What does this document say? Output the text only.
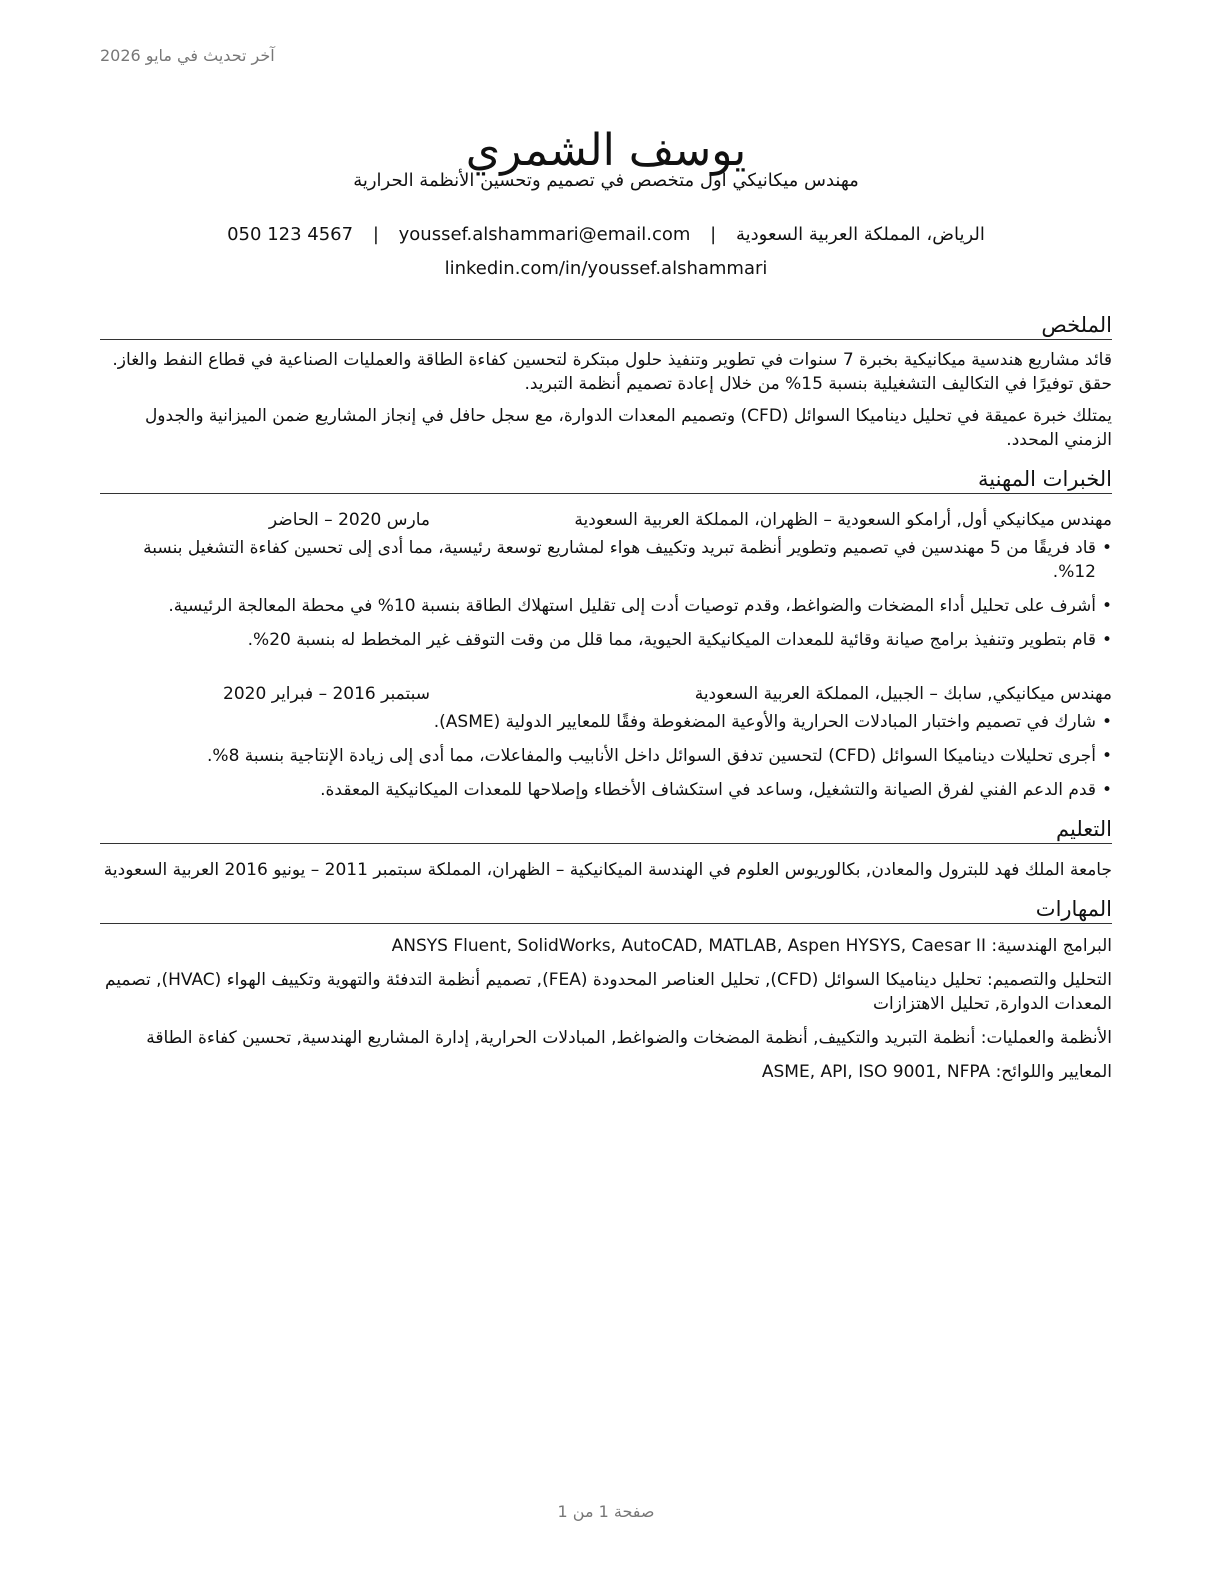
آخر تحديث في مايو 2026
يوسف الشمري
مهندس ميكانيكي أول متخصص في تصميم وتحسين الأنظمة الحرارية
الرياض، المملكة العربية السعودية | youssef.alshammari@email.com | 050 123 4567
linkedin.com/in/youssef.alshammari
الملخص

قائد مشاريع هندسية ميكانيكية بخبرة 7 سنوات في تطوير وتنفيذ حلول مبتكرة لتحسين كفاءة الطاقة والعمليات الصناعية في قطاع النفط والغاز. حقق توفيرًا في التكاليف التشغيلية بنسبة 15% من خلال إعادة تصميم أنظمة التبريد.

يمتلك خبرة عميقة في تحليل ديناميكا السوائل (CFD) وتصميم المعدات الدوارة، مع سجل حافل في إنجاز المشاريع ضمن الميزانية والجدول الزمني المحدد.

الخبرات المهنية
مهندس ميكانيكي أول, أرامكو السعودية – الظهران، المملكة العربية السعودية
مارس 2020 – الحاضر
• قاد فريقًا من 5 مهندسين في تصميم وتطوير أنظمة تبريد وتكييف هواء لمشاريع توسعة رئيسية، مما أدى إلى تحسين كفاءة التشغيل بنسبة 12%.
• أشرف على تحليل أداء المضخات والضواغط، وقدم توصيات أدت إلى تقليل استهلاك الطاقة بنسبة 10% في محطة المعالجة الرئيسية.
• قام بتطوير وتنفيذ برامج صيانة وقائية للمعدات الميكانيكية الحيوية، مما قلل من وقت التوقف غير المخطط له بنسبة 20%.
مهندس ميكانيكي, سابك – الجبيل، المملكة العربية السعودية
سبتمبر 2016 – فبراير 2020
• شارك في تصميم واختبار المبادلات الحرارية والأوعية المضغوطة وفقًا للمعايير الدولية (ASME).
• أجرى تحليلات ديناميكا السوائل (CFD) لتحسين تدفق السوائل داخل الأنابيب والمفاعلات، مما أدى إلى زيادة الإنتاجية بنسبة 8%.
• قدم الدعم الفني لفرق الصيانة والتشغيل، وساعد في استكشاف الأخطاء وإصلاحها للمعدات الميكانيكية المعقدة.
التعليم
جامعة الملك فهد للبترول والمعادن, بكالوريوس العلوم في الهندسة الميكانيكية – الظهران، المملكة سبتمبر 2011 – يونيو 2016 العربية السعودية
المهارات
البرامج الهندسية: ANSYS Fluent, SolidWorks, AutoCAD, MATLAB, Aspen HYSYS, Caesar II
التحليل والتصميم: تحليل ديناميكا السوائل (CFD), تحليل العناصر المحدودة (FEA), تصميم أنظمة التدفئة والتهوية وتكييف الهواء (HVAC), تصميم المعدات الدوارة, تحليل الاهتزازات
الأنظمة والعمليات: أنظمة التبريد والتكييف, أنظمة المضخات والضواغط, المبادلات الحرارية, إدارة المشاريع الهندسية, تحسين كفاءة الطاقة
المعايير واللوائح: ASME, API, ISO 9001, NFPA
صفحة 1 من 1
